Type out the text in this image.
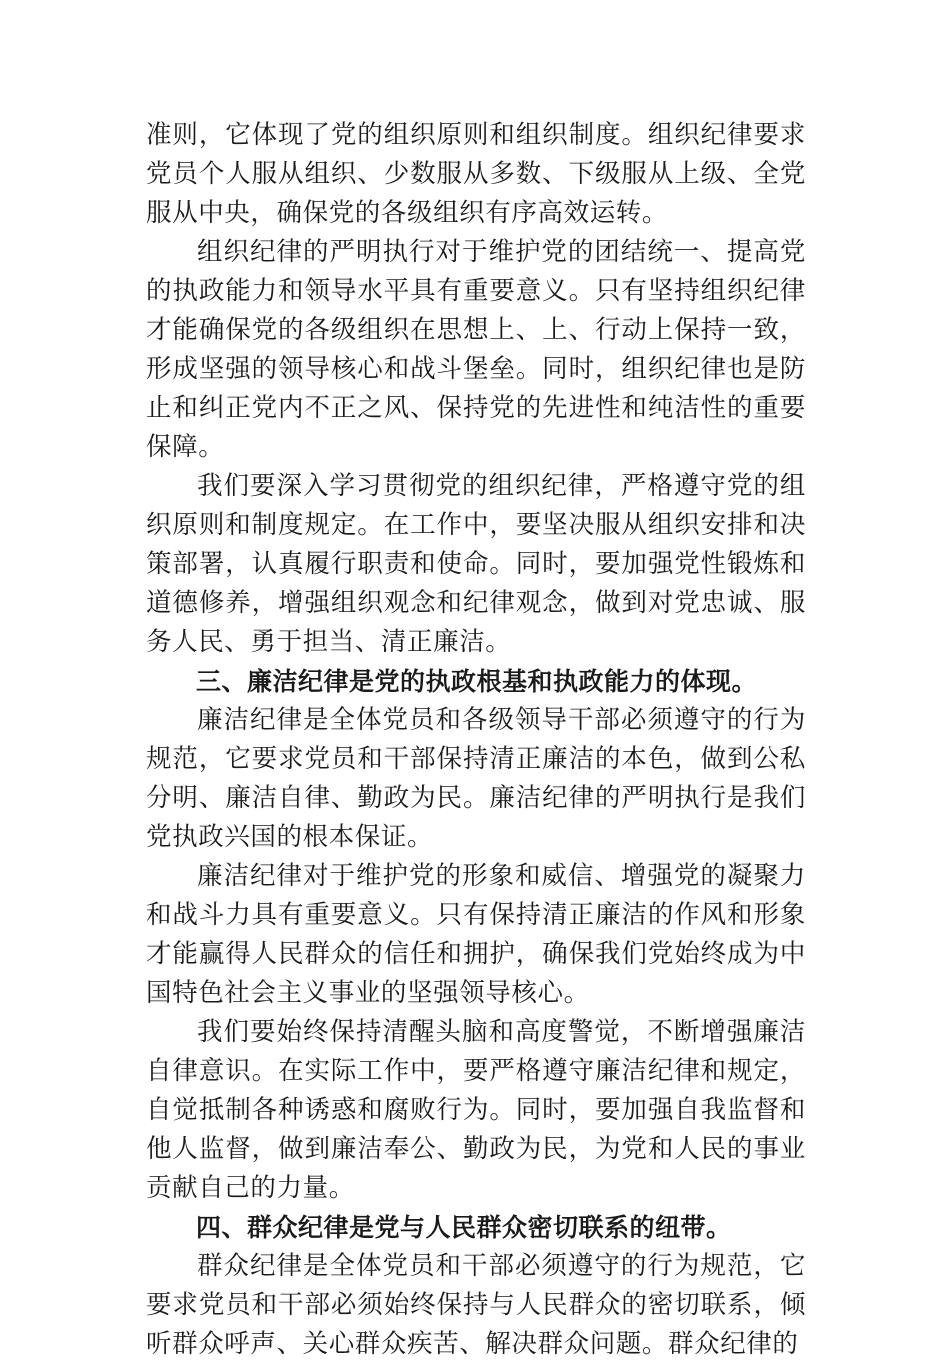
准则，它体现了党的组织原则和组织制度。组织纪律要求党员个人服从组织、少数服从多数、下级服从上级、全党服从中央，确保党的各级组织有序高效运转。

组织纪律的严明执行对于维护党的团结统一、提高党的执政能力和领导水平具有重要意义。只有坚持组织纪律才能确保党的各级组织在思想上、上、行动上保持一致，形成坚强的领导核心和战斗堡垒。同时，组织纪律也是防止和纠正党内不正之风、保持党的先进性和纯洁性的重要保障。

我们要深入学习贯彻党的组织纪律，严格遵守党的组织原则和制度规定。在工作中，要坚决服从组织安排和决策部署，认真履行职责和使命。同时，要加强党性锻炼和道德修养，增强组织观念和纪律观念，做到对党忠诚、服务人民、勇于担当、清正廉洁。

三、廉洁纪律是党的执政根基和执政能力的体现。

廉洁纪律是全体党员和各级领导干部必须遵守的行为规范，它要求党员和干部保持清正廉洁的本色，做到公私分明、廉洁自律、勤政为民。廉洁纪律的严明执行是我们党执政兴国的根本保证。

廉洁纪律对于维护党的形象和威信、增强党的凝聚力和战斗力具有重要意义。只有保持清正廉洁的作风和形象才能赢得人民群众的信任和拥护，确保我们党始终成为中国特色社会主义事业的坚强领导核心。

我们要始终保持清醒头脑和高度警觉，不断增强廉洁自律意识。在实际工作中，要严格遵守廉洁纪律和规定，自觉抵制各种诱惑和腐败行为。同时，要加强自我监督和他人监督，做到廉洁奉公、勤政为民，为党和人民的事业贡献自己的力量。

四、群众纪律是党与人民群众密切联系的纽带。

群众纪律是全体党员和干部必须遵守的行为规范，它要求党员和干部必须始终保持与人民群众的密切联系，倾听群众呼声、关心群众疾苦、解决群众问题。群众纪律的
